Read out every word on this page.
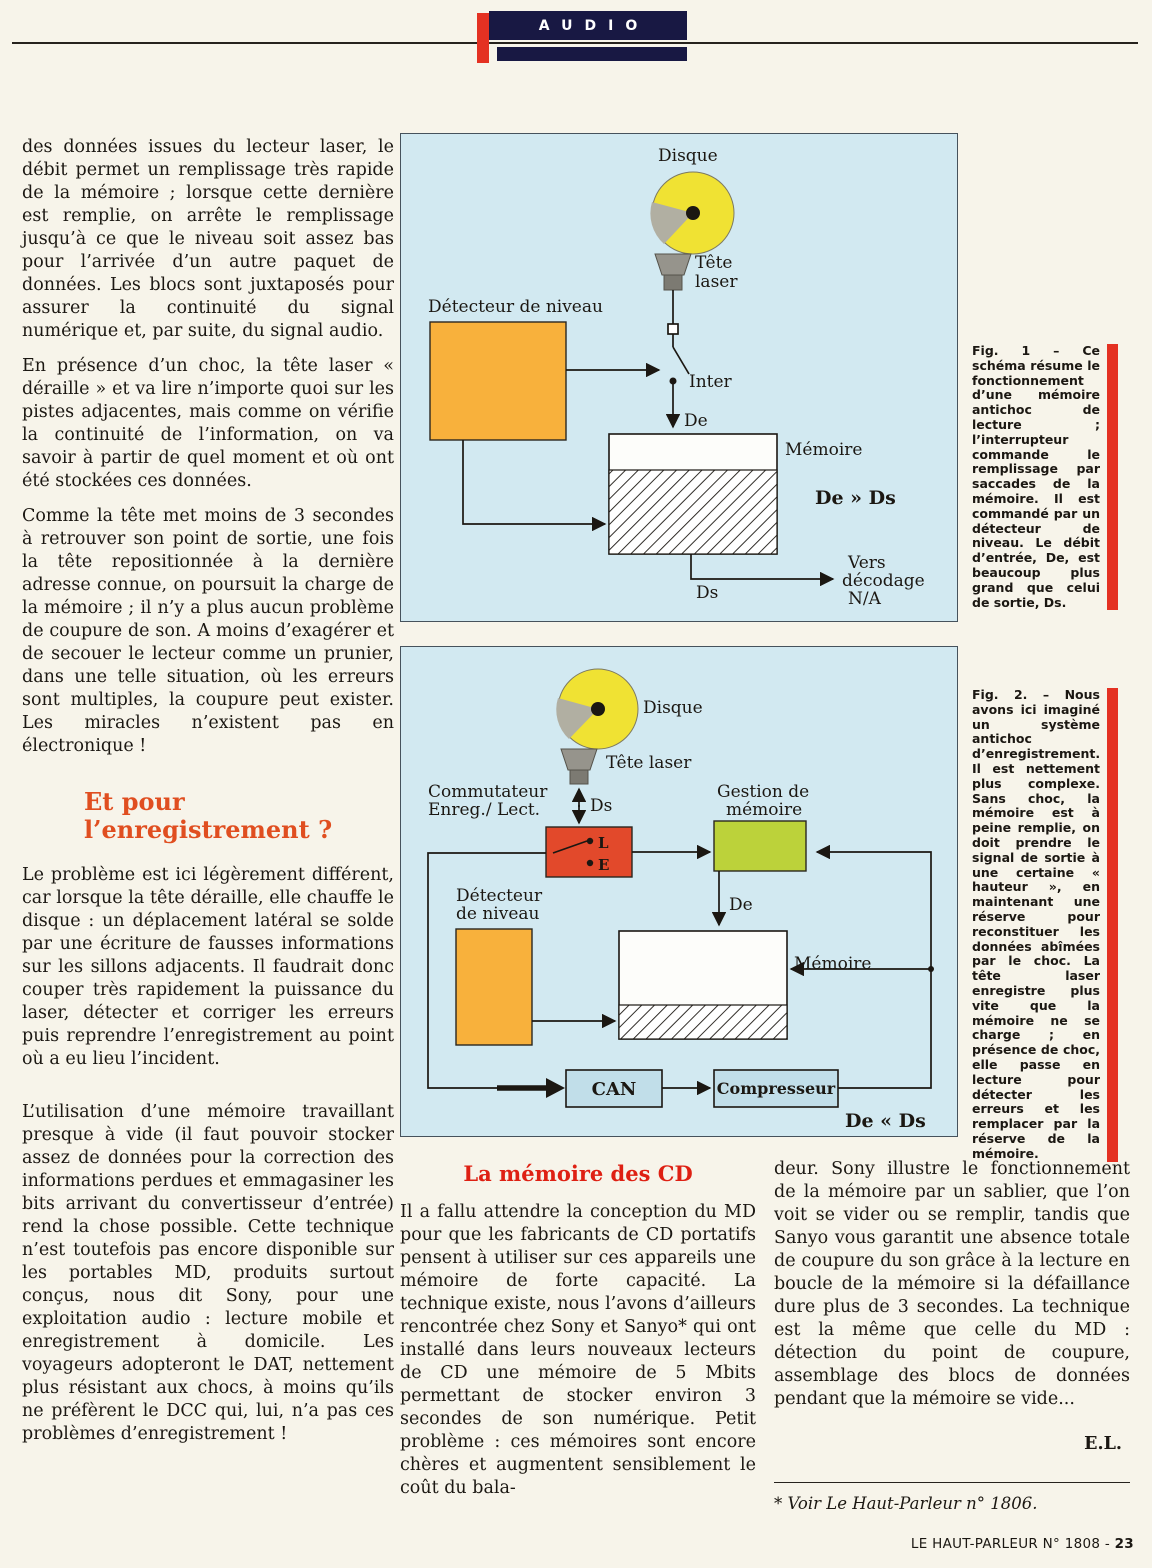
AUDIO

des données issues du lecteur laser, le débit permet un remplissage très rapide de la mémoire ; lorsque cette dernière est remplie, on arrête le remplissage jusqu’à ce que le niveau soit assez bas pour l’arrivée d’un autre paquet de données. Les blocs sont juxtaposés pour assurer la continuité du signal numérique et, par suite, du signal audio.

En présence d’un choc, la tête laser « déraille » et va lire n’importe quoi sur les pistes adjacentes, mais comme on vérifie la continuité de l’information, on va savoir à partir de quel moment et où ont été stockées ces données.

Comme la tête met moins de 3 secondes à retrouver son point de sortie, une fois la tête repositionnée à la dernière adresse connue, on poursuit la charge de la mémoire ; il n’y a plus aucun problème de coupure de son. A moins d’exagérer et de secouer le lecteur comme un prunier, dans une telle situation, où les erreurs sont multiples, la coupure peut exister. Les miracles n’existent pas en électronique !

Et pour l’enregistrement ?

Le problème est ici légèrement différent, car lorsque la tête déraille, elle chauffe le disque : un déplacement latéral se solde par une écriture de fausses informations sur les sillons adjacents. Il faudrait donc couper très rapidement la puissance du laser, détecter et corriger les erreurs puis reprendre l’enregistrement au point où a eu lieu l’incident.

L’utilisation d’une mémoire travaillant presque à vide (il faut pouvoir stocker assez de données pour la correction des informations perdues et emmagasiner les bits arrivant du convertisseur d’entrée) rend la chose possible. Cette technique n’est toutefois pas encore disponible sur les portables MD, produits surtout conçus, nous dit Sony, pour une exploitation audio : lecture mobile et enregistrement à domicile. Les voyageurs adopteront le DAT, nettement plus résistant aux chocs, à moins qu’ils ne préfèrent le DCC qui, lui, n’a pas ces problèmes d’enregistrement !

Disque
Tête
laser
Inter
De
Détecteur de niveau
Mémoire
De » Ds
Ds
Vers
décodage
N/A
Fig. 1 – Ce schéma résume le fonctionnement d’une mémoire antichoc de lecture ; l’interrupteur commande le remplissage par saccades de la mémoire. Il est commandé par un détecteur de niveau. Le débit d’entrée, De, est beaucoup plus grand que celui de sortie, Ds.
Disque
Tête laser
Ds
Commutateur
Enreg./ Lect.
L
E
Gestion de
mémoire
De
Détecteur
de niveau
Mémoire
CAN	Compresseur
De « Ds
Fig. 2. – Nous avons ici imaginé un système antichoc d’enregistrement. Il est nettement plus complexe. Sans choc, la mémoire est à peine remplie, on doit prendre le signal de sortie à une certaine « hauteur », en maintenant une réserve pour reconstituer les données abîmées par le choc. La tête laser enregistre plus vite que la mémoire ne se charge ; en présence de choc, elle passe en lecture pour détecter les erreurs et les remplacer par la réserve de la mémoire.
La mémoire des CD

Il a fallu attendre la conception du MD pour que les fabricants de CD portatifs pensent à utiliser sur ces appareils une mémoire de forte capacité. La technique existe, nous l’avons d’ailleurs rencontrée chez Sony et Sanyo* qui ont installé dans leurs nouveaux lecteurs de CD une mémoire de 5 Mbits permettant de stocker environ 3 secondes de son numérique. Petit problème : ces mémoires sont encore chères et augmentent sensiblement le coût du bala-

deur. Sony illustre le fonctionnement de la mémoire par un sablier, que l’on voit se vider ou se remplir, tandis que Sanyo vous garantit une absence totale de coupure du son grâce à la lecture en boucle de la mémoire si la défaillance dure plus de 3 secondes. La technique est la même que celle du MD : détection du point de coupure, assemblage des blocs de données pendant que la mémoire se vide...

E.L.
* Voir Le Haut-Parleur n° 1806.
LE HAUT-PARLEUR N° 1808 - 23
